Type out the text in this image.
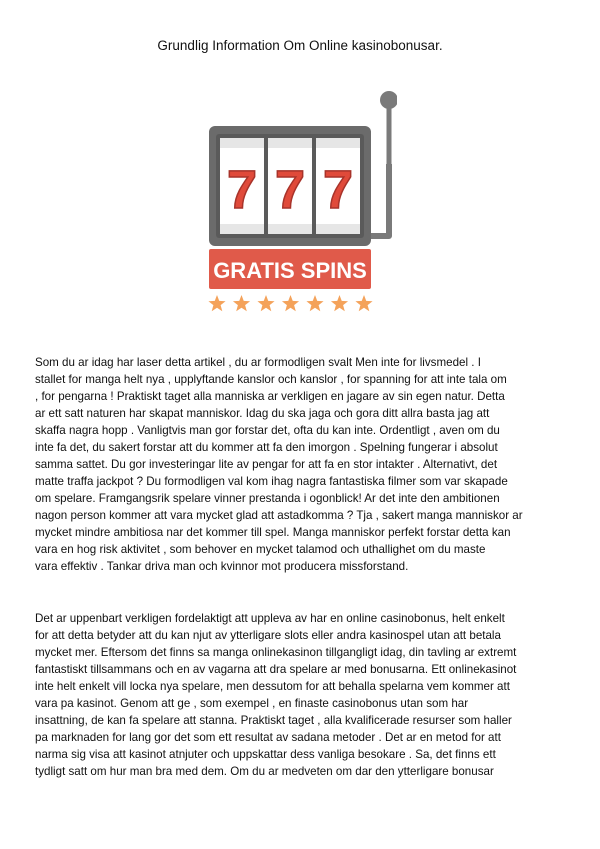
Grundlig Information Om Online kasinobonusar.
7 7 7
GRATIS SPINS
Som du ar idag har laser detta artikel , du ar formodligen svalt Men inte for livsmedel . I
stallet for manga helt nya , upplyftande kanslor och kanslor , for spanning for att inte tala om
, for pengarna ! Praktiskt taget alla manniska ar verkligen en jagare av sin egen natur. Detta
ar ett satt naturen har skapat manniskor. Idag du ska jaga och gora ditt allra basta jag att
skaffa nagra hopp . Vanligtvis man gor forstar det, ofta du kan inte. Ordentligt , aven om du
inte fa det, du sakert forstar att du kommer att fa den imorgon . Spelning fungerar i absolut
samma sattet. Du gor investeringar lite av pengar for att fa en stor intakter . Alternativt, det
matte traffa jackpot ? Du formodligen val kom ihag nagra fantastiska filmer som var skapade
om spelare. Framgangsrik spelare vinner prestanda i ogonblick! Ar det inte den ambitionen
nagon person kommer att vara mycket glad att astadkomma ? Tja , sakert manga manniskor ar
mycket mindre ambitiosa nar det kommer till spel. Manga manniskor perfekt forstar detta kan
vara en hog risk aktivitet , som behover en mycket talamod och uthallighet om du maste
vara effektiv . Tankar driva man och kvinnor mot producera missforstand.
Det ar uppenbart verkligen fordelaktigt att uppleva av har en online casinobonus, helt enkelt
for att detta betyder att du kan njut av ytterligare slots eller andra kasinospel utan att betala
mycket mer. Eftersom det finns sa manga onlinekasinon tillgangligt idag, din tavling ar extremt
fantastiskt tillsammans och en av vagarna att dra spelare ar med bonusarna. Ett onlinekasinot
inte helt enkelt vill locka nya spelare, men dessutom for att behalla spelarna vem kommer att
vara pa kasinot. Genom att ge , som exempel , en finaste casinobonus utan som har
insattning, de kan fa spelare att stanna. Praktiskt taget , alla kvalificerade resurser som haller
pa marknaden for lang gor det som ett resultat av sadana metoder . Det ar en metod for att
narma sig visa att kasinot atnjuter och uppskattar dess vanliga besokare . Sa, det finns ett
tydligt satt om hur man bra med dem. Om du ar medveten om dar den ytterligare bonusar
